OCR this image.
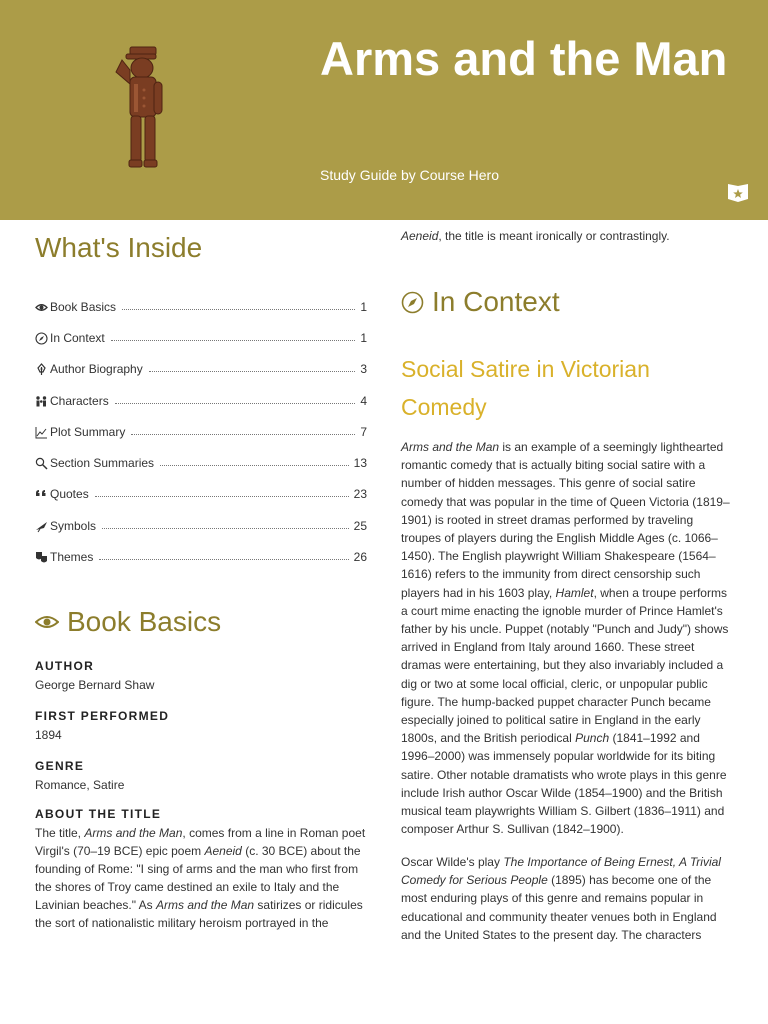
Arms and the Man
Study Guide by Course Hero
What's Inside
Book Basics	1
In Context	1
Author Biography	3
Characters	4
Plot Summary	7
Section Summaries	13
Quotes	23
Symbols	25
Themes	26
Book Basics

AUTHOR

George Bernard Shaw

FIRST PERFORMED

1894

GENRE

Romance, Satire

ABOUT THE TITLE

The title, Arms and the Man, comes from a line in Roman poet Virgil's (70–19 BCE) epic poem Aeneid (c. 30 BCE) about the founding of Rome: "I sing of arms and the man who first from the shores of Troy came destined an exile to Italy and the Lavinian beaches." As Arms and the Man satirizes or ridicules the sort of nationalistic military heroism portrayed in the

Aeneid, the title is meant ironically or contrastingly.

In Context
Social Satire in Victorian Comedy

Arms and the Man is an example of a seemingly lighthearted romantic comedy that is actually biting social satire with a number of hidden messages. This genre of social satire comedy that was popular in the time of Queen Victoria (1819–1901) is rooted in street dramas performed by traveling troupes of players during the English Middle Ages (c. 1066–1450). The English playwright William Shakespeare (1564–1616) refers to the immunity from direct censorship such players had in his 1603 play, Hamlet, when a troupe performs a court mime enacting the ignoble murder of Prince Hamlet's father by his uncle. Puppet (notably "Punch and Judy") shows arrived in England from Italy around 1660. These street dramas were entertaining, but they also invariably included a dig or two at some local official, cleric, or unpopular public figure. The hump-backed puppet character Punch became especially joined to political satire in England in the early 1800s, and the British periodical Punch (1841–1992 and 1996–2000) was immensely popular worldwide for its biting satire. Other notable dramatists who wrote plays in this genre include Irish author Oscar Wilde (1854–1900) and the British musical team playwrights William S. Gilbert (1836–1911) and composer Arthur S. Sullivan (1842–1900).

Oscar Wilde's play The Importance of Being Ernest, A Trivial Comedy for Serious People (1895) has become one of the most enduring plays of this genre and remains popular in educational and community theater venues both in England and the United States to the present day. The characters
